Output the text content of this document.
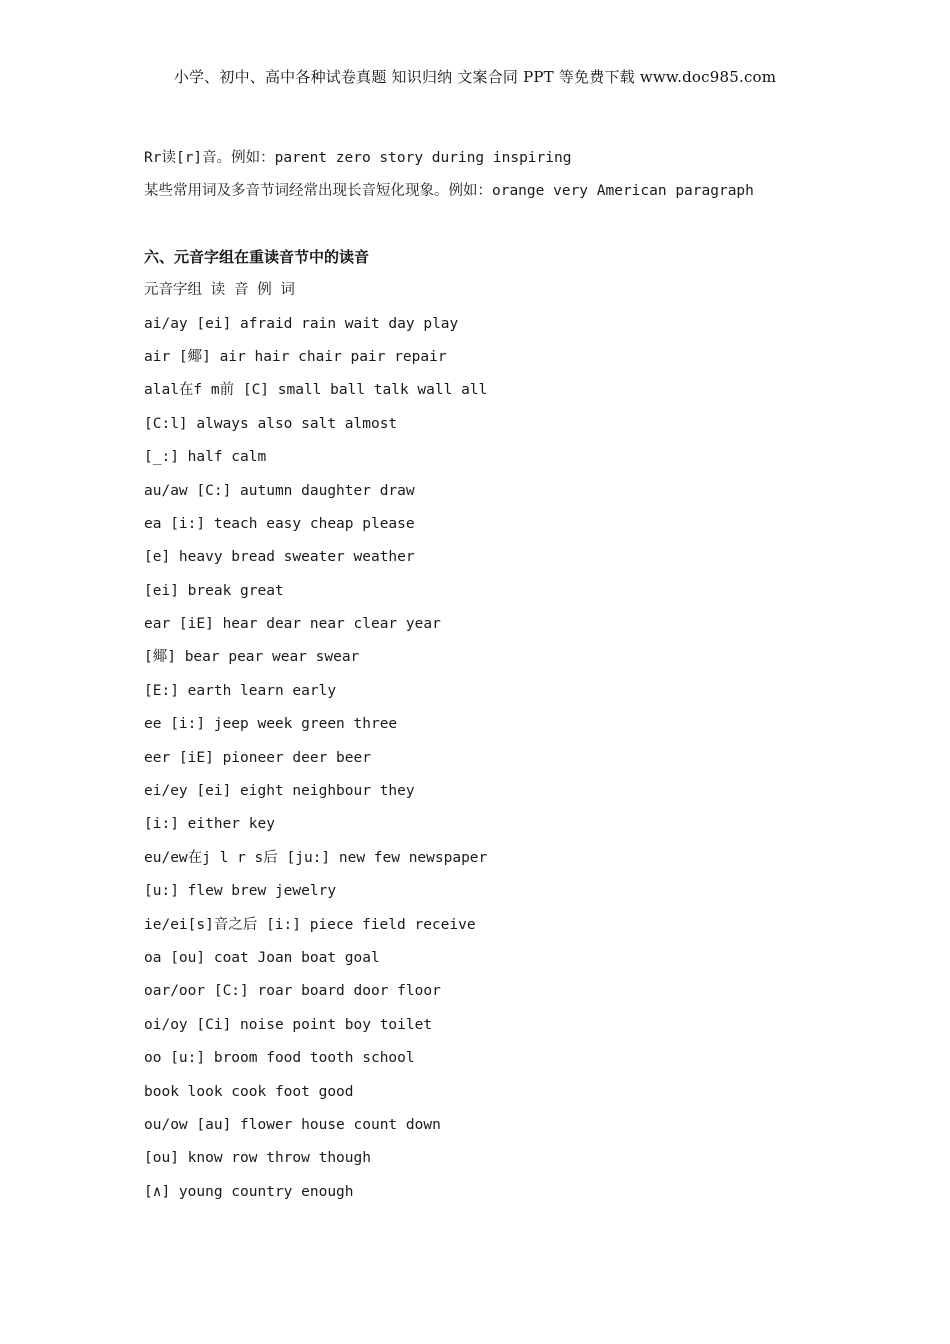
小学、初中、高中各种试卷真题 知识归纳 文案合同 PPT 等免费下载 www.doc985.com
Rr读[r]音。例如：parent zero story during inspiring
某些常用词及多音节词经常出现长音短化现象。例如：orange very American paragraph
六、元音字组在重读音节中的读音
元音字组 读 音 例 词
ai/ay [ei] afraid rain wait day play
air [鄊] air hair chair pair repair
alal在f m前 [C] small ball talk wall all
[C:l] always also salt almost
[_:] half calm
au/aw [C:] autumn daughter draw
ea [i:] teach easy cheap please
[e] heavy bread sweater weather
[ei] break great
ear [iE] hear dear near clear year
[鄊] bear pear wear swear
[E:] earth learn early
ee [i:] jeep week green three
eer [iE] pioneer deer beer
ei/ey [ei] eight neighbour they
[i:] either key
eu/ew在j l r s后 [ju:] new few newspaper
[u:] flew brew jewelry
ie/ei[s]音之后 [i:] piece field receive
oa [ou] coat Joan boat goal
oar/oor [C:] roar board door floor
oi/oy [Ci] noise point boy toilet
oo [u:] broom food tooth school
book look cook foot good
ou/ow [au] flower house count down
[ou] know row throw though
[∧] young country enough
